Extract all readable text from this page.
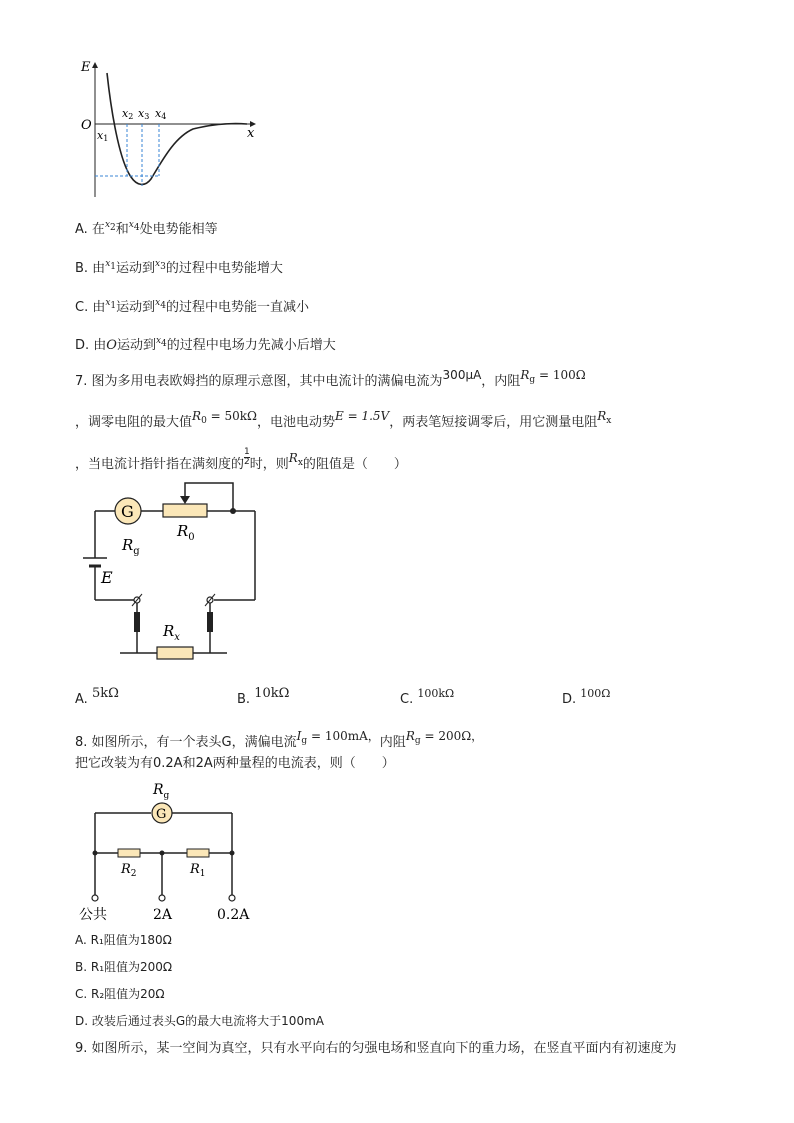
E
x
O
x1
x2 x3 x4
A. 在$^{x2}$和$^{x4}$处电势能相等
B. 由$^{x1}$运动到$^{x3}$的过程中电势能增大
C. 由$^{x1}$运动到$^{x4}$的过程中电势能一直减小
D. 由O运动到$^{x4}$的过程中电场力先减小后增大
7. 图为多用电表欧姆挡的原理示意图，其中电流计的满偏电流为300μA，内阻$R_g = 100\Omega$
，调零电阻的最大值$R_0 = 50k\Omega$，电池电动势E = 1.5V，两表笔短接调零后，用它测量电阻$R_x$
，当电流计指针指在满刻度的 $\frac{1}{2}$ 时，则$R_x$的阻值是（　　）
G
$R_g$
$R_0$
E
$R_x$
A. 5kΩ	B. 10kΩ	C. 100kΩ	D. 100Ω
8. 如图所示，有一个表头G，满偏电流$I_g = 100mA$，内阻$R_g = 200\Omega$，
把它改装为有0.2A和2A两种量程的电流表，则（　　）
$R_g$
G
$R_2$	$R_1$
公共	2A	0.2A
A. R₁阻值为180Ω
B. R₁阻值为200Ω
C. R₂阻值为20Ω
D. 改装后通过表头G的最大电流将大于100mA
9. 如图所示，某一空间为真空，只有水平向右的匀强电场和竖直向下的重力场，在竖直平面内有初速度为
